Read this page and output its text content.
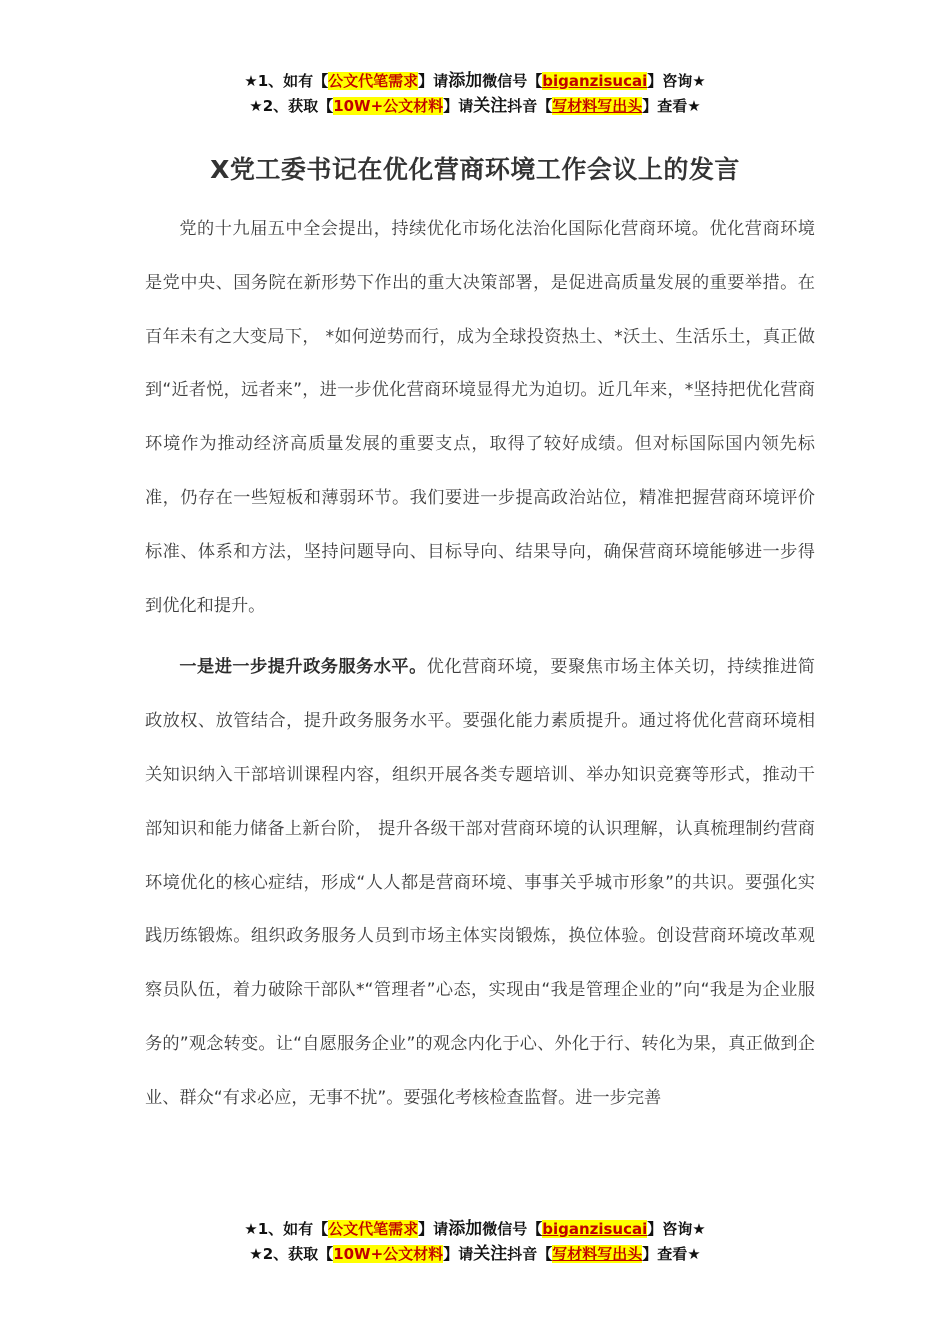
★1、如有【公文代笔需求】请添加微信号【biganzisucai】咨询★
★2、获取【10W+公文材料】请关注抖音【写材料写出头】查看★
X党工委书记在优化营商环境工作会议上的发言

党的十九届五中全会提出，持续优化市场化法治化国际化营商环境。优化营商环境是党中央、国务院在新形势下作出的重大决策部署，是促进高质量发展的重要举措。在百年未有之大变局下， *如何逆势而行，成为全球投资热土、*沃土、生活乐土，真正做到“近者悦，远者来”，进一步优化营商环境显得尤为迫切。近几年来，*坚持把优化营商环境作为推动经济高质量发展的重要支点，取得了较好成绩。但对标国际国内领先标准，仍存在一些短板和薄弱环节。我们要进一步提高政治站位，精准把握营商环境评价标准、体系和方法，坚持问题导向、目标导向、结果导向，确保营商环境能够进一步得到优化和提升。

一是进一步提升政务服务水平。优化营商环境，要聚焦市场主体关切，持续推进简政放权、放管结合，提升政务服务水平。要强化能力素质提升。通过将优化营商环境相关知识纳入干部培训课程内容，组织开展各类专题培训、举办知识竞赛等形式，推动干部知识和能力储备上新台阶， 提升各级干部对营商环境的认识理解，认真梳理制约营商环境优化的核心症结，形成“人人都是营商环境、事事关乎城市形象”的共识。要强化实践历练锻炼。组织政务服务人员到市场主体实岗锻炼，换位体验。创设营商环境改革观察员队伍，着力破除干部队*“管理者”心态，实现由“我是管理企业的”向“我是为企业服务的”观念转变。让“自愿服务企业”的观念内化于心、外化于行、转化为果，真正做到企业、群众“有求必应，无事不扰”。要强化考核检查监督。进一步完善

★1、如有【公文代笔需求】请添加微信号【biganzisucai】咨询★
★2、获取【10W+公文材料】请关注抖音【写材料写出头】查看★
